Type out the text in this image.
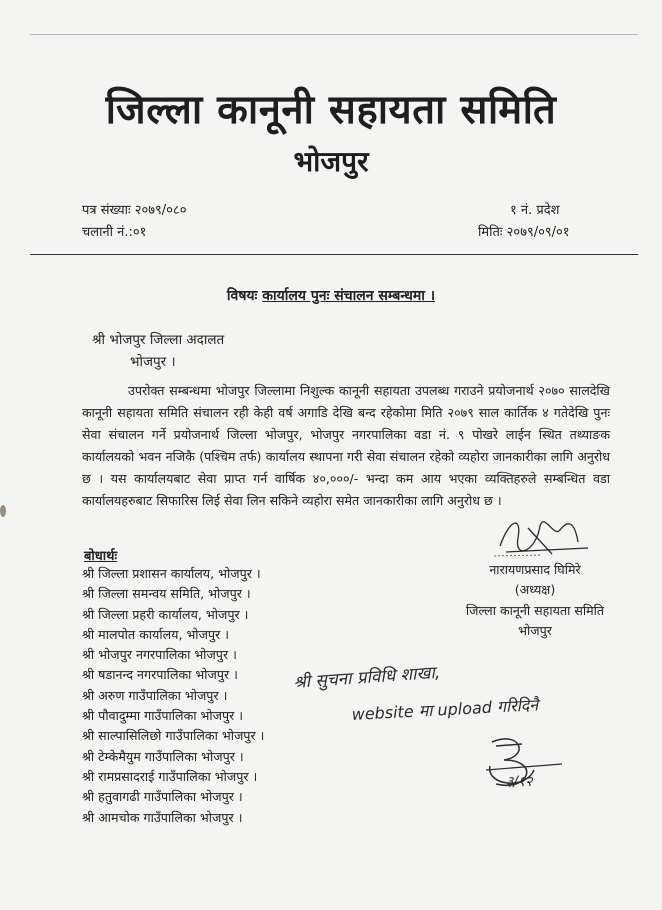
जिल्ला कानूनी सहायता समिति
भोजपुर
पत्र संख्याः २०७९/०८०
चलानी नं.:०१
१ नं. प्रदेश
मितिः २०७९/०९/०१
विषयः कार्यालय पुनः संचालन सम्बन्धमा ।
श्री भोजपुर जिल्ला अदालत
भोजपुर ।
उपरोक्त सम्बन्धमा भोजपुर जिल्लामा निशुल्क कानूनी सहायता उपलब्ध गराउने प्रयोजनार्थ २०७० सालदेखि कानूनी सहायता समिति संचालन रही केही वर्ष अगाडि देखि बन्द रहेकोमा मिति २०७९ साल कार्तिक ४ गतेदेखि पुनः सेवा संचालन गर्ने प्रयोजनार्थ जिल्ला भोजपुर, भोजपुर नगरपालिका वडा नं. ९ पोखरे लाईन स्थित तथ्याङक कार्यालयको भवन नजिकै (पश्चिम तर्फ) कार्यालय स्थापना गरी सेवा संचालन रहेको व्यहोरा जानकारीका लागि अनुरोध छ । यस कार्यालयबाट सेवा प्राप्त गर्न वार्षिक ४०,०००/- भन्दा कम आय भएका व्यक्तिहरुले सम्बन्धित वडा कार्यालयहरुबाट सिफारिस लिई सेवा लिन सकिने व्यहोरा समेत जानकारीका लागि अनुरोध छ ।
बोधार्थः
श्री जिल्ला प्रशासन कार्यालय, भोजपुर ।
श्री जिल्ला समन्वय समिति, भोजपुर ।
श्री जिल्ला प्रहरी कार्यालय, भोजपुर ।
श्री मालपोत कार्यालय, भोजपुर ।
श्री भोजपुर नगरपालिका भोजपुर ।
श्री षडानन्द नगरपालिका भोजपुर ।
श्री अरुण गाउँपालिका भोजपुर ।
श्री पौवादुम्मा गाउँपालिका भोजपुर ।
श्री साल्पासिलिछो गाउँपालिका भोजपुर ।
श्री टेम्केमैयुम गाउँपालिका भोजपुर ।
श्री रामप्रसादराई गाउँपालिका भोजपुर ।
श्री हतुवागढी गाउँपालिका भोजपुर ।
श्री आमचोक गाउँपालिका भोजपुर ।
नारायणप्रसाद घिमिरे
(अध्यक्ष)
जिल्ला कानूनी सहायता समिति
भोजपुर
श्री सुचना प्रविधि शाखा,
website मा upload गरिदिनै
३/१२
